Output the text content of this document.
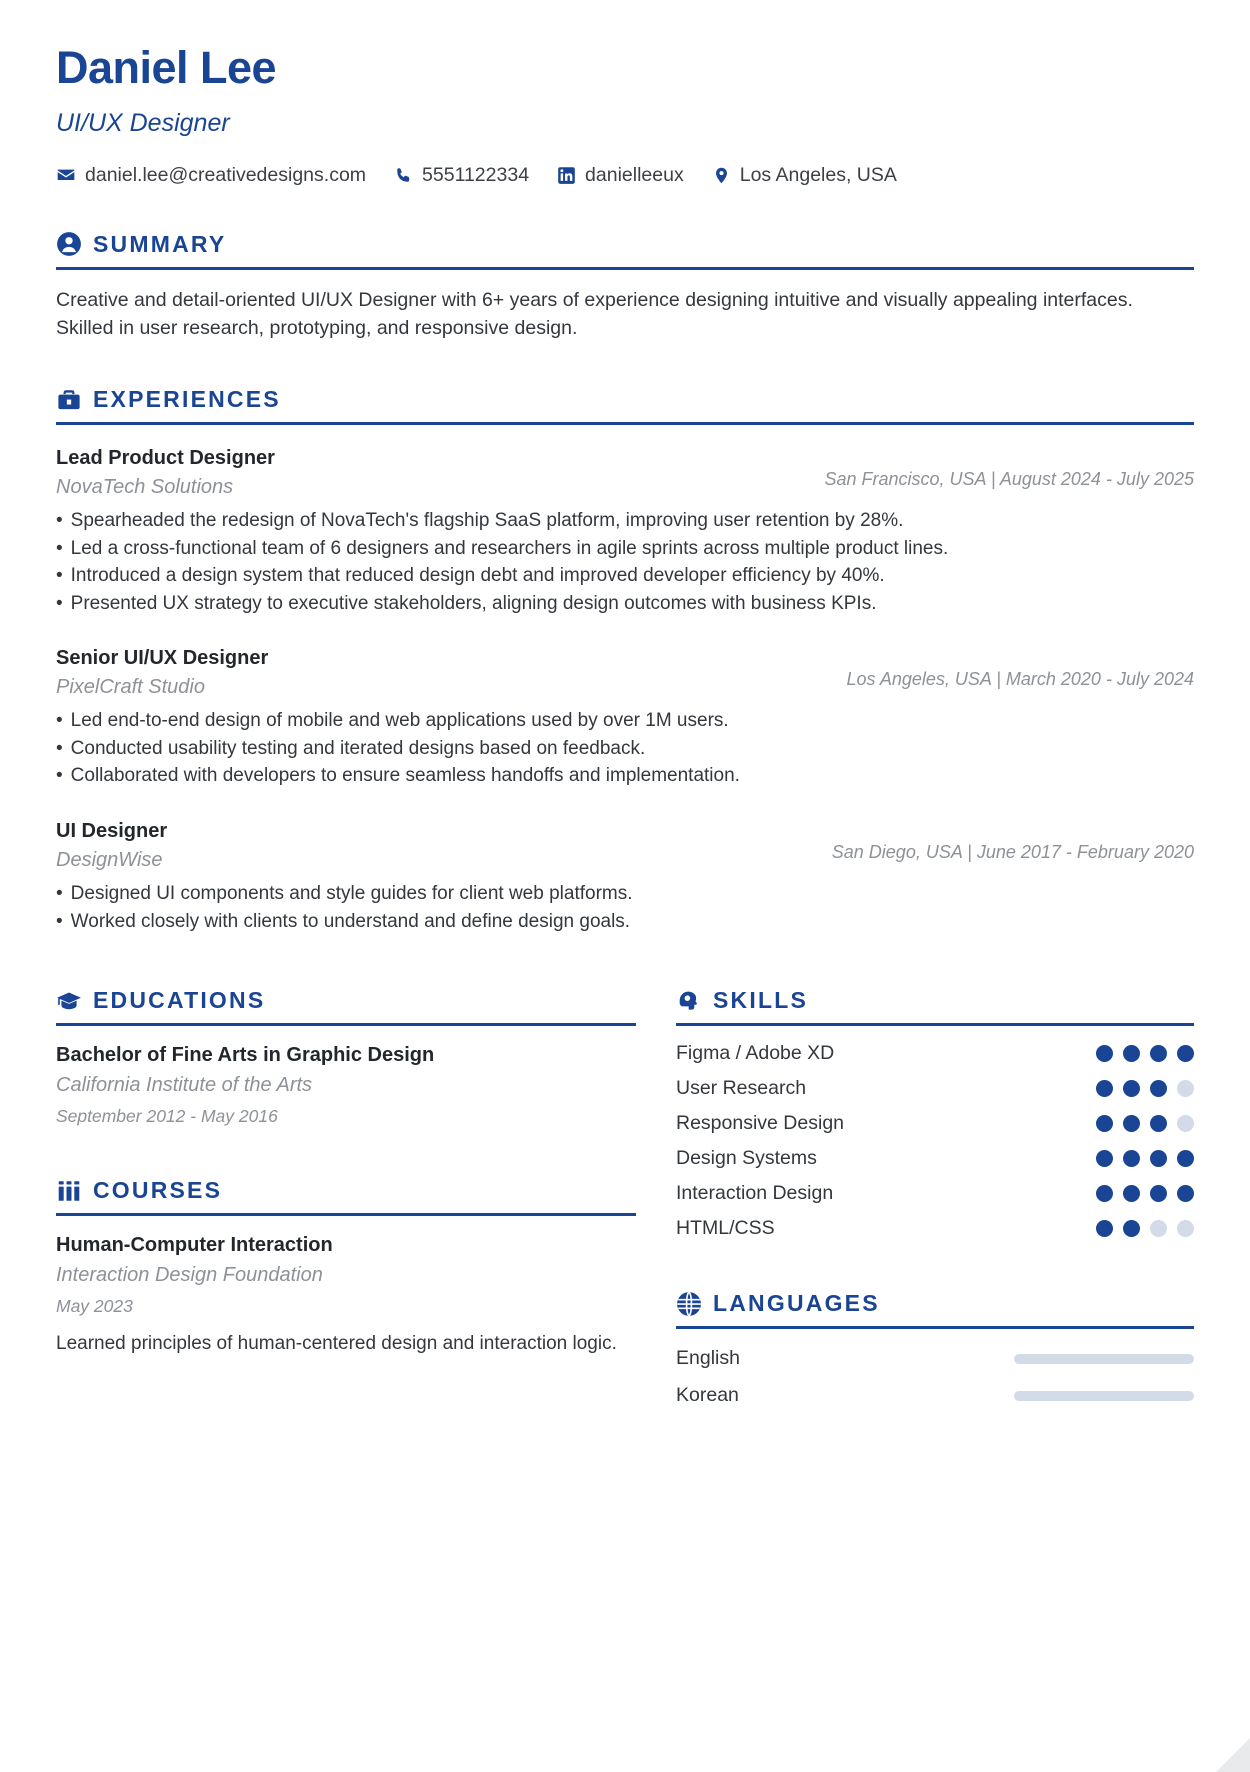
Daniel Lee
UI/UX Designer
daniel.lee@creativedesigns.com	5551122334	danielleeux	Los Angeles, USA
SUMMARY
Creative and detail-oriented UI/UX Designer with 6+ years of experience designing intuitive and visually appealing interfaces. Skilled in user research, prototyping, and responsive design.
EXPERIENCES
Lead Product Designer
NovaTech Solutions	San Francisco, USA | August 2024 - July 2025
• Spearheaded the redesign of NovaTech's flagship SaaS platform, improving user retention by 28%.
• Led a cross-functional team of 6 designers and researchers in agile sprints across multiple product lines.
• Introduced a design system that reduced design debt and improved developer efficiency by 40%.
• Presented UX strategy to executive stakeholders, aligning design outcomes with business KPIs.
Senior UI/UX Designer
PixelCraft Studio	Los Angeles, USA | March 2020 - July 2024
• Led end-to-end design of mobile and web applications used by over 1M users.
• Conducted usability testing and iterated designs based on feedback.
• Collaborated with developers to ensure seamless handoffs and implementation.
UI Designer
DesignWise	San Diego, USA | June 2017 - February 2020
• Designed UI components and style guides for client web platforms.
• Worked closely with clients to understand and define design goals.
EDUCATIONS
Bachelor of Fine Arts in Graphic Design
California Institute of the Arts
September 2012 - May 2016
COURSES
Human-Computer Interaction
Interaction Design Foundation
May 2023
Learned principles of human-centered design and interaction logic.
SKILLS
Figma / Adobe XD
User Research
Responsive Design
Design Systems
Interaction Design
HTML/CSS
LANGUAGES
English
Korean
